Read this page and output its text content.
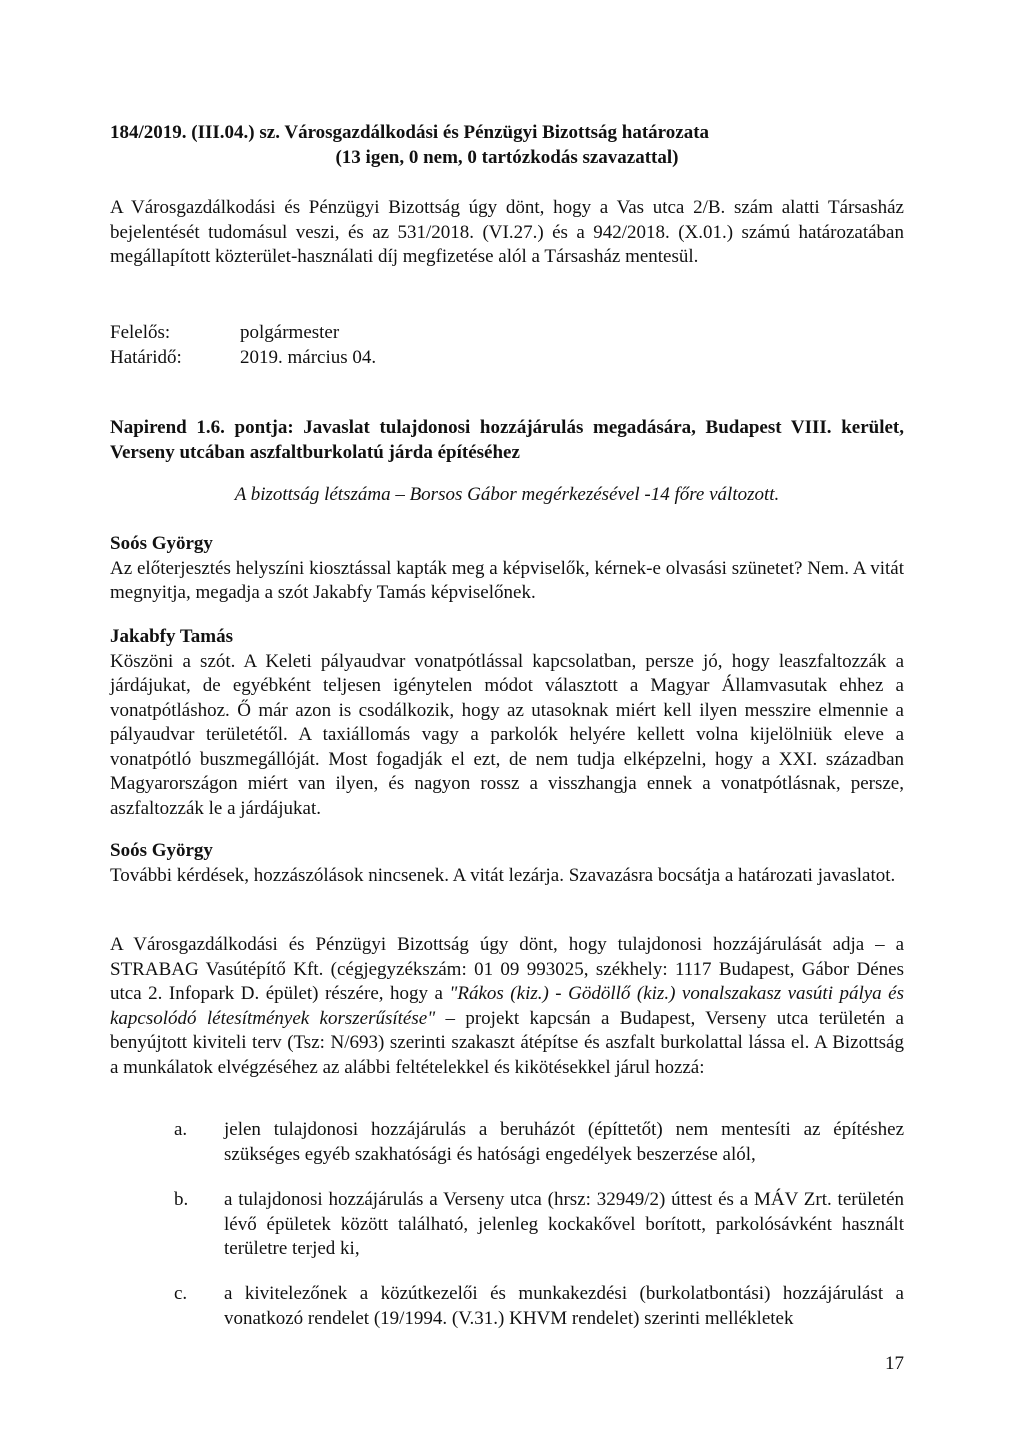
184/2019. (III.04.) sz. Városgazdálkodási és Pénzügyi Bizottság határozata
(13 igen, 0 nem, 0 tartózkodás szavazattal)

A Városgazdálkodási és Pénzügyi Bizottság úgy dönt, hogy a Vas utca 2/B. szám alatti Társasház bejelentését tudomásul veszi, és az 531/2018. (VI.27.) és a 942/2018. (X.01.) számú határozatában megállapított közterület-használati díj megfizetése alól a Társasház mentesül.

Felelős:	polgármester
Határidő:	2019. március 04.

Napirend 1.6. pontja: Javaslat tulajdonosi hozzájárulás megadására, Budapest VIII. kerület, Verseny utcában aszfaltburkolatú járda építéséhez

A bizottság létszáma – Borsos Gábor megérkezésével -14 főre változott.

Soós György

Az előterjesztés helyszíni kiosztással kapták meg a képviselők, kérnek-e olvasási szünetet? Nem. A vitát megnyitja, megadja a szót Jakabfy Tamás képviselőnek.

Jakabfy Tamás

Köszöni a szót. A Keleti pályaudvar vonatpótlással kapcsolatban, persze jó, hogy leaszfaltozzák a járdájukat, de egyébként teljesen igénytelen módot választott a Magyar Államvasutak ehhez a vonatpótláshoz. Ő már azon is csodálkozik, hogy az utasoknak miért kell ilyen messzire elmennie a pályaudvar területétől. A taxiállomás vagy a parkolók helyére kellett volna kijelölniük eleve a vonatpótló buszmegállóját. Most fogadják el ezt, de nem tudja elképzelni, hogy a XXI. században Magyarországon miért van ilyen, és nagyon rossz a visszhangja ennek a vonatpótlásnak, persze, aszfaltozzák le a járdájukat.

Soós György

További kérdések, hozzászólások nincsenek. A vitát lezárja. Szavazásra bocsátja a határozati javaslatot.

A Városgazdálkodási és Pénzügyi Bizottság úgy dönt, hogy tulajdonosi hozzájárulását adja – a STRABAG Vasútépítő Kft. (cégjegyzékszám: 01 09 993025, székhely: 1117 Budapest, Gábor Dénes utca 2. Infopark D. épület) részére, hogy a "Rákos (kiz.) - Gödöllő (kiz.) vonalszakasz vasúti pálya és kapcsolódó létesítmények korszerűsítése" – projekt kapcsán a Budapest, Verseny utca területén a benyújtott kiviteli terv (Tsz: N/693) szerinti szakaszt átépítse és aszfalt burkolattal lássa el. A Bizottság a munkálatok elvégzéséhez az alábbi feltételekkel és kikötésekkel járul hozzá:

a.	jelen tulajdonosi hozzájárulás a beruházót (építtetőt) nem mentesíti az építéshez szükséges egyéb szakhatósági és hatósági engedélyek beszerzése alól,
b.	a tulajdonosi hozzájárulás a Verseny utca (hrsz: 32949/2) úttest és a MÁV Zrt. területén lévő épületek között található, jelenleg kockakővel borított, parkolósávként használt területre terjed ki,
c.	a kivitelezőnek a közútkezelői és munkakezdési (burkolatbontási) hozzájárulást a vonatkozó rendelet (19/1994. (V.31.) KHVM rendelet) szerinti mellékletek
17
